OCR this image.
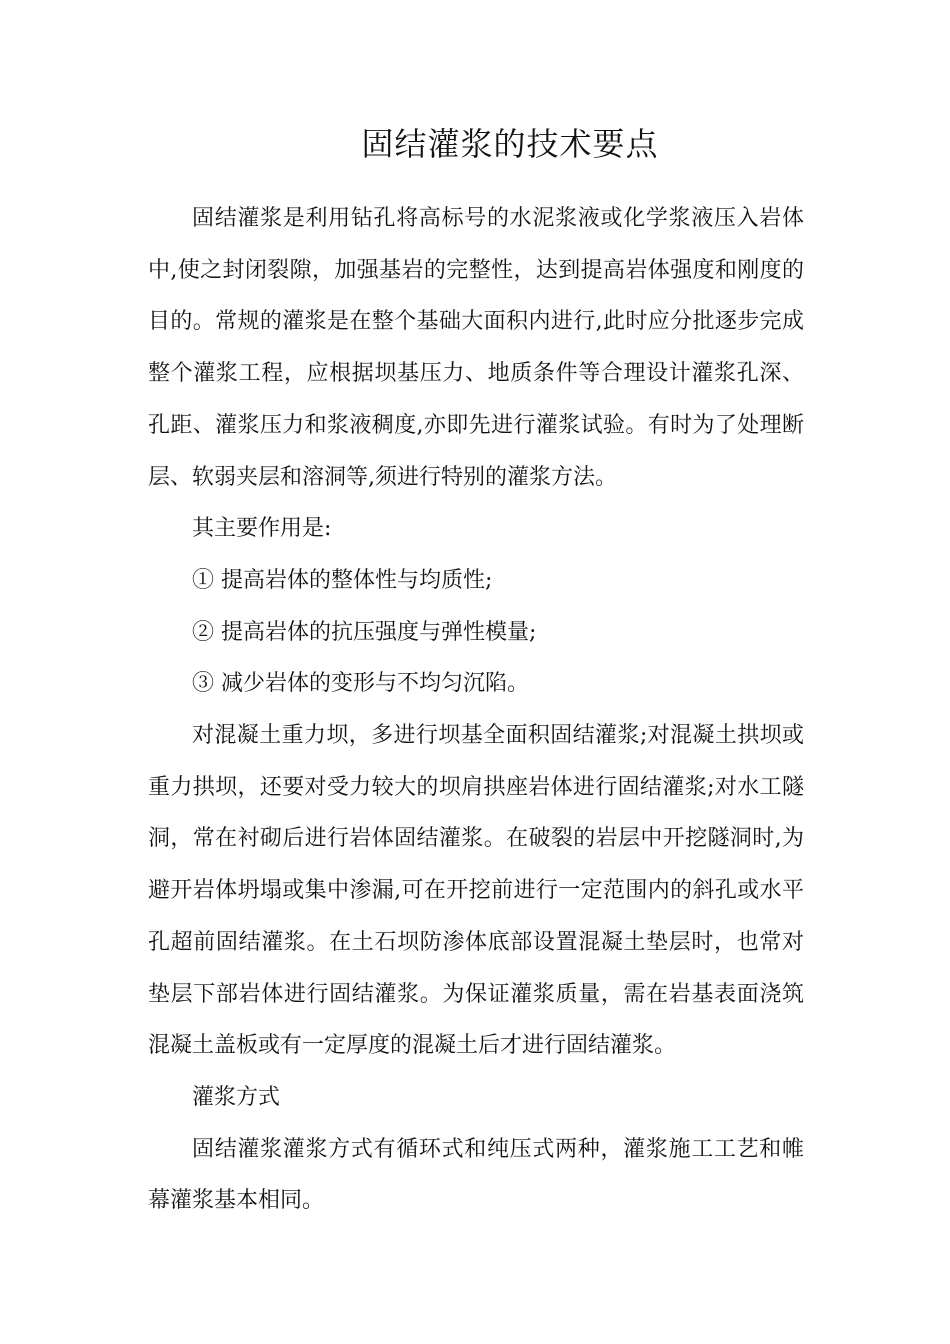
固结灌浆的技术要点

固结灌浆是利用钻孔将高标号的水泥浆液或化学浆液压入岩体中,使之封闭裂隙，加强基岩的完整性，达到提高岩体强度和刚度的目的。常规的灌浆是在整个基础大面积内进行,此时应分批逐步完成整个灌浆工程，应根据坝基压力、地质条件等合理设计灌浆孔深、孔距、灌浆压力和浆液稠度,亦即先进行灌浆试验。有时为了处理断层、软弱夹层和溶洞等,须进行特别的灌浆方法。

其主要作用是:

① 提高岩体的整体性与均质性;

② 提高岩体的抗压强度与弹性模量;

③ 减少岩体的变形与不均匀沉陷。

对混凝土重力坝，多进行坝基全面积固结灌浆;对混凝土拱坝或重力拱坝，还要对受力较大的坝肩拱座岩体进行固结灌浆;对水工隧洞，常在衬砌后进行岩体固结灌浆。在破裂的岩层中开挖隧洞时,为避开岩体坍塌或集中渗漏,可在开挖前进行一定范围内的斜孔或水平孔超前固结灌浆。在土石坝防渗体底部设置混凝土垫层时，也常对垫层下部岩体进行固结灌浆。为保证灌浆质量，需在岩基表面浇筑混凝土盖板或有一定厚度的混凝土后才进行固结灌浆。

灌浆方式

固结灌浆灌浆方式有循环式和纯压式两种，灌浆施工工艺和帷幕灌浆基本相同。
